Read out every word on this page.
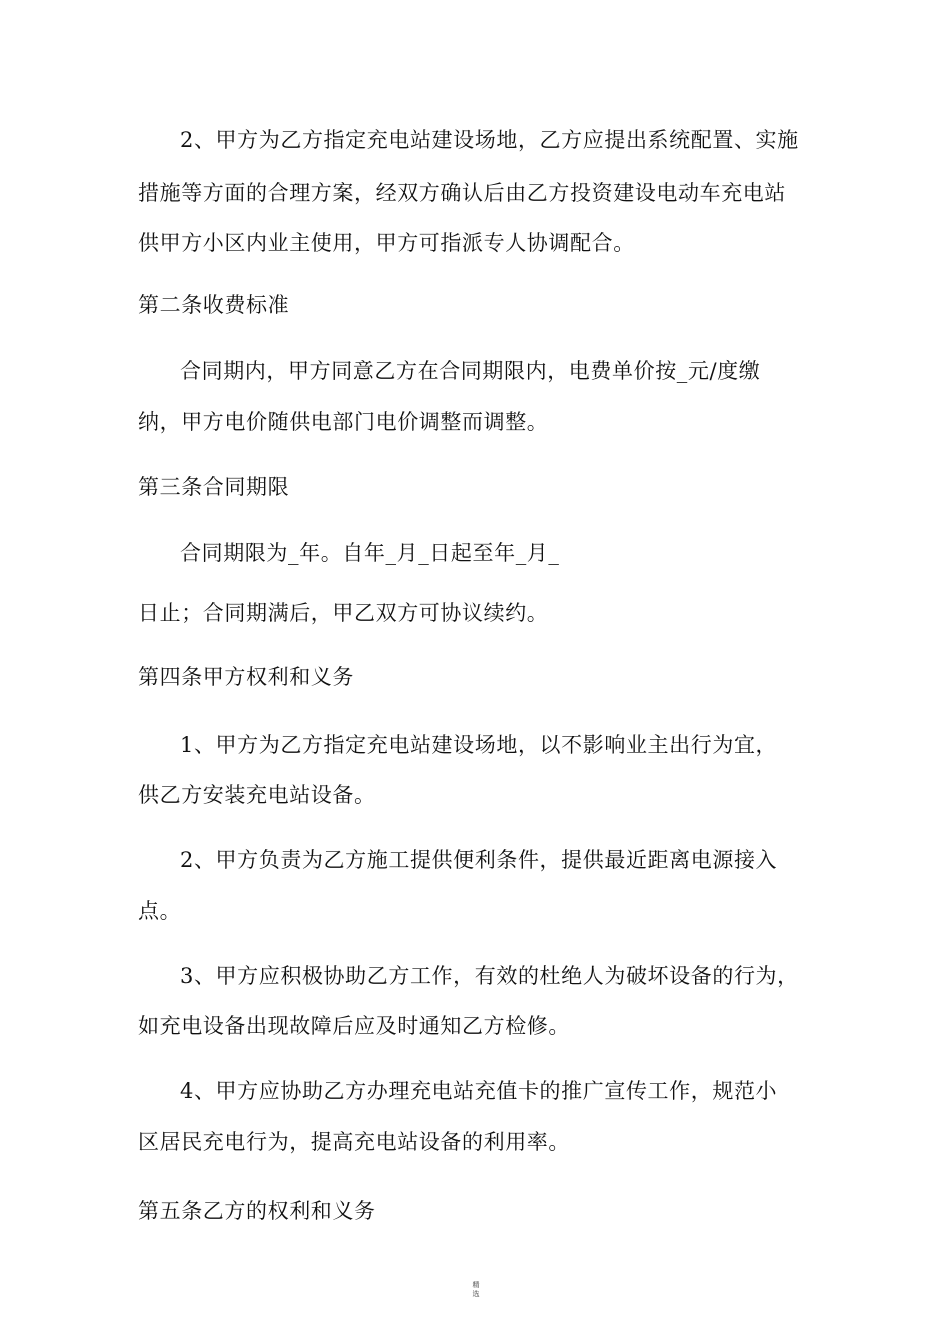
2、甲方为乙方指定充电站建设场地，乙方应提出系统配置、实施
措施等方面的合理方案，经双方确认后由乙方投资建设电动车充电站
供甲方小区内业主使用，甲方可指派专人协调配合。
第二条收费标准
合同期内，甲方同意乙方在合同期限内，电费单价按_元/度缴
纳，甲方电价随供电部门电价调整而调整。
第三条合同期限
合同期限为_年。自年_月_日起至年_月_
日止；合同期满后，甲乙双方可协议续约。
第四条甲方权利和义务
1、甲方为乙方指定充电站建设场地，以不影响业主出行为宜，
供乙方安装充电站设备。
2、甲方负责为乙方施工提供便利条件，提供最近距离电源接入
点。
3、甲方应积极协助乙方工作，有效的杜绝人为破坏设备的行为，
如充电设备出现故障后应及时通知乙方检修。
4、甲方应协助乙方办理充电站充值卡的推广宣传工作，规范小
区居民充电行为，提高充电站设备的利用率。
第五条乙方的权利和义务
精
选
